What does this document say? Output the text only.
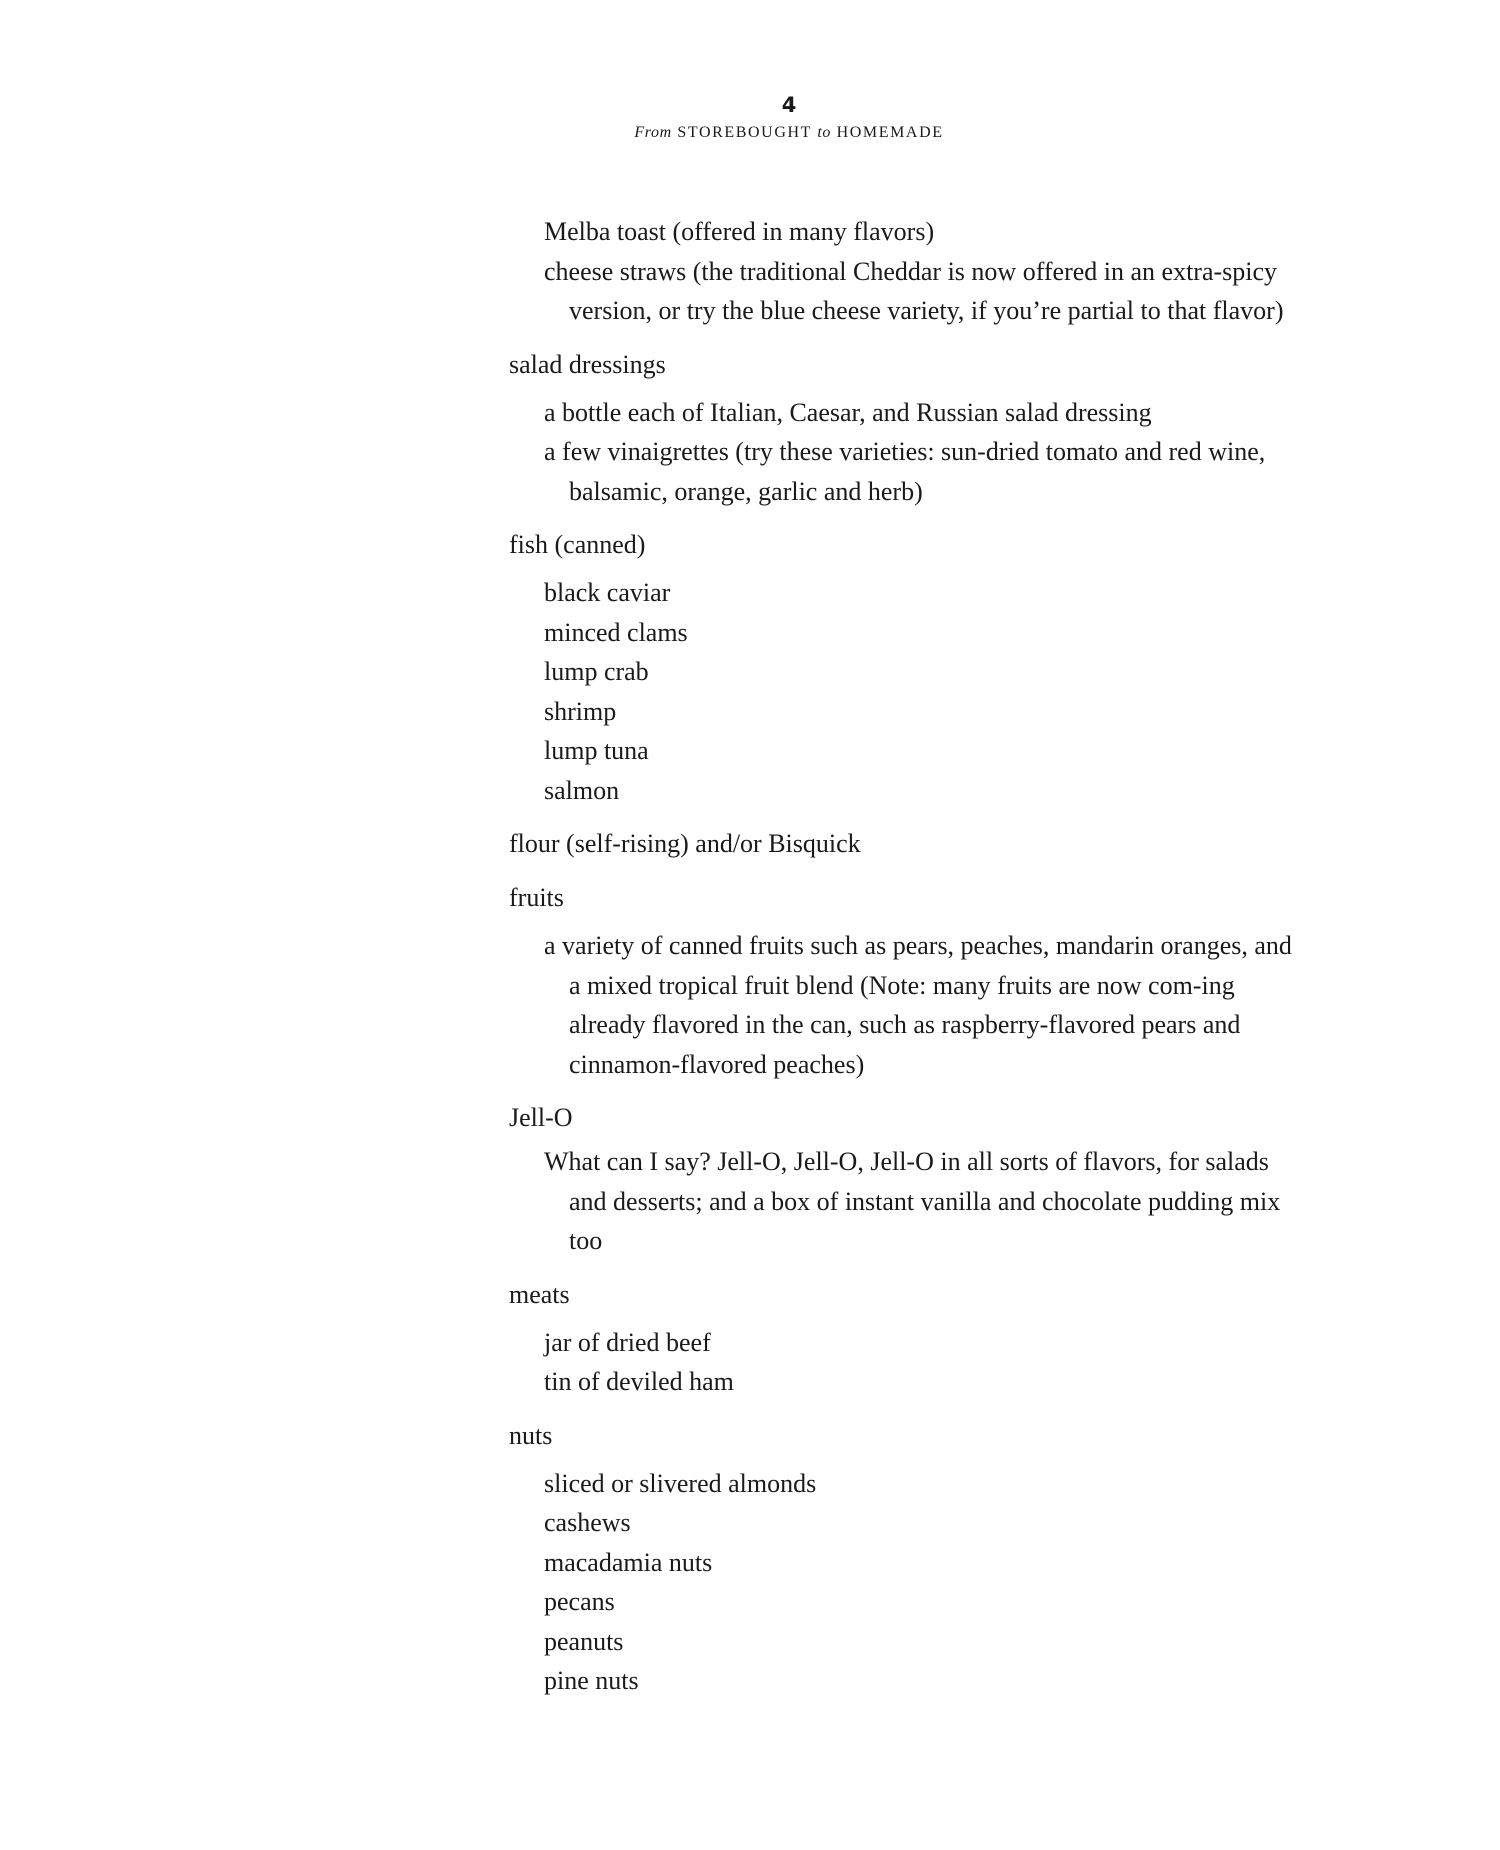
4
From STOREBOUGHT to HOMEMADE
Melba toast (offered in many flavors)
cheese straws (the traditional Cheddar is now offered in an extra-spicy version, or try the blue cheese variety, if you’re partial to that flavor)
salad dressings
a bottle each of Italian, Caesar, and Russian salad dressing
a few vinaigrettes (try these varieties: sun-dried tomato and red wine, balsamic, orange, garlic and herb)
fish (canned)
black caviar
minced clams
lump crab
shrimp
lump tuna
salmon
flour (self-rising) and/or Bisquick
fruits
a variety of canned fruits such as pears, peaches, mandarin oranges, and a mixed tropical fruit blend (Note: many fruits are now com-ing already flavored in the can, such as raspberry-flavored pears and cinnamon-flavored peaches)
Jell-O
What can I say? Jell-O, Jell-O, Jell-O in all sorts of flavors, for salads and desserts; and a box of instant vanilla and chocolate pudding mix too
meats
jar of dried beef
tin of deviled ham
nuts
sliced or slivered almonds
cashews
macadamia nuts
pecans
peanuts
pine nuts
